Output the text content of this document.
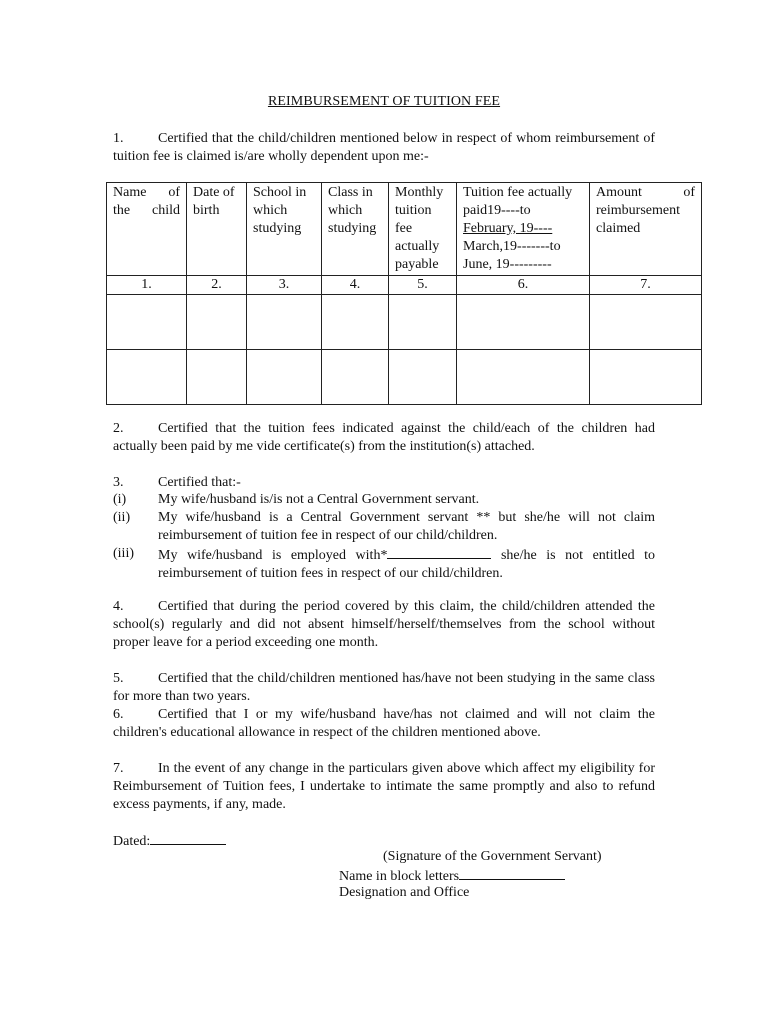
REIMBURSEMENT OF TUITION FEE
1. Certified that the child/children mentioned below in respect of whom reimbursement of tuition fee is claimed is/are wholly dependent upon me:-
Name of the child	Date of birth	School in which studying	Class in which studying	Monthly tuition fee actually payable	Tuition fee actually paid19----to
February, 19----
March,19-------to
June, 19---------	Amount of reimbursement claimed
1.	2.	3.	4.	5.	6.	7.

2. Certified that the tuition fees indicated against the child/each of the children had actually been paid by me vide certificate(s) from the institution(s) attached.
3. Certified that:-
(i)	My wife/husband is/is not a Central Government servant.
(ii)	My wife/husband is a Central Government servant ** but she/he will not claim reimbursement of tuition fee in respect of our child/children.
(iii)	My wife/husband is employed with*	she/he is not entitled to reimbursement of tuition fees in respect of our child/children.
4. Certified that during the period covered by this claim, the child/children attended the school(s) regularly and did not absent himself/herself/themselves from the school without proper leave for a period exceeding one month.
5. Certified that the child/children mentioned has/have not been studying in the same class for more than two years.
6. Certified that I or my wife/husband have/has not claimed and will not claim the children's educational allowance in respect of the children mentioned above.
7. In the event of any change in the particulars given above which affect my eligibility for Reimbursement of Tuition fees, I undertake to intimate the same promptly and also to refund excess payments, if any, made.
Dated:
(Signature of the Government Servant)
Name in block letters
Designation and Office
